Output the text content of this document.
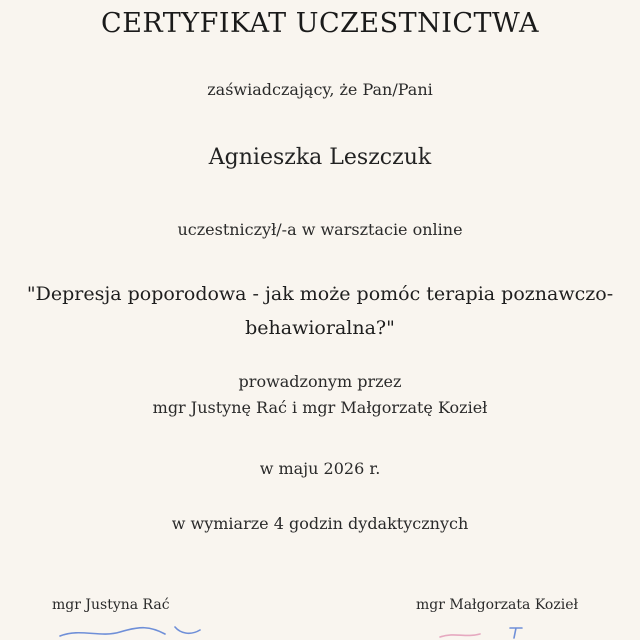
CERTYFIKAT UCZESTNICTWA
zaświadczający, że Pan/Pani
Agnieszka Leszczuk
uczestniczył/-a w warsztacie online
"Depresja poporodowa - jak może pomóc terapia poznawczo-
behawioralna?"
prowadzonym przez
mgr Justynę Rać i mgr Małgorzatę Kozieł
w maju 2026 r.
w wymiarze 4 godzin dydaktycznych
mgr Justyna Rać	mgr Małgorzata Kozieł
